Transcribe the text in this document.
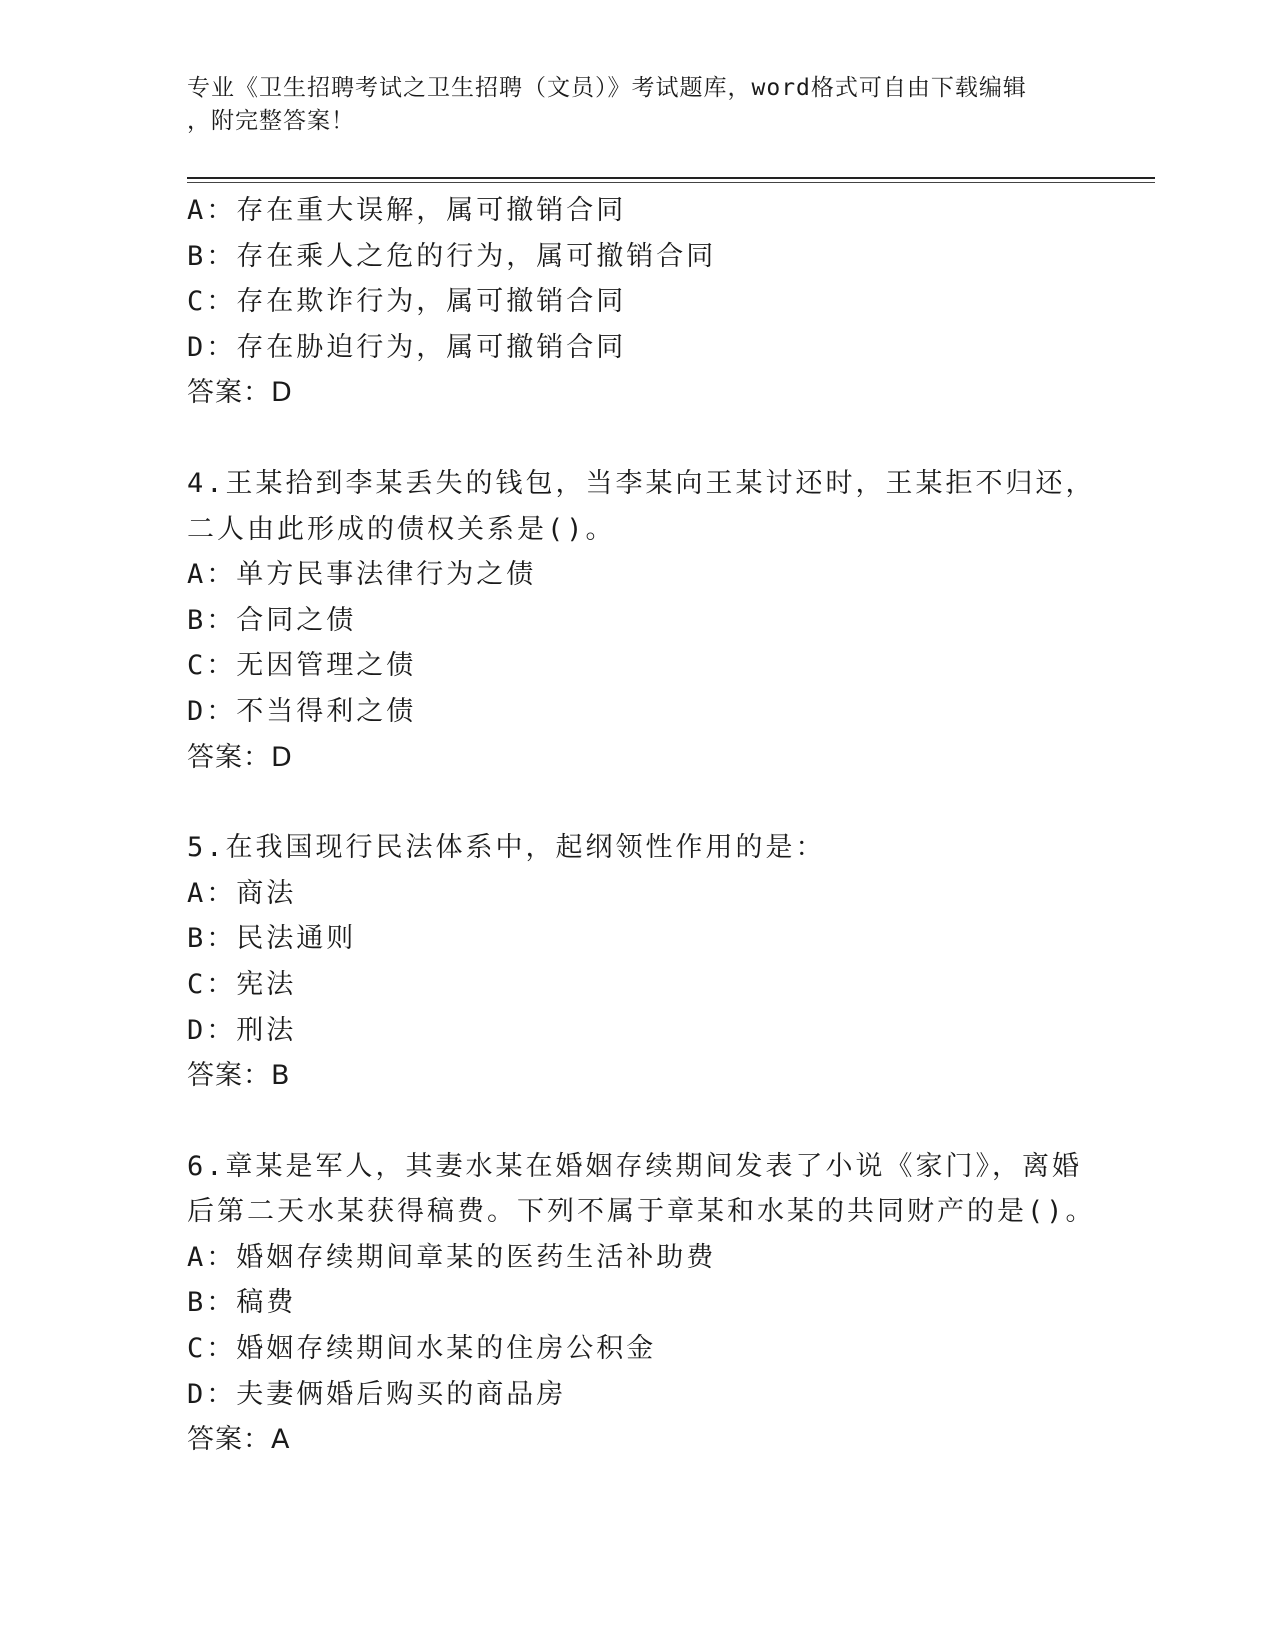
专业《卫生招聘考试之卫生招聘（文员）》考试题库，word格式可自由下载编辑
，附完整答案！
A：存在重大误解，属可撤销合同
B：存在乘人之危的行为，属可撤销合同
C：存在欺诈行为，属可撤销合同
D：存在胁迫行为，属可撤销合同
答案：D
4.王某拾到李某丢失的钱包，当李某向王某讨还时，王某拒不归还，
二人由此形成的债权关系是()。
A：单方民事法律行为之债
B：合同之债
C：无因管理之债
D：不当得利之债
答案：D
5.在我国现行民法体系中，起纲领性作用的是：
A：商法
B：民法通则
C：宪法
D：刑法
答案：B
6.章某是军人，其妻水某在婚姻存续期间发表了小说《家门》，离婚
后第二天水某获得稿费。下列不属于章某和水某的共同财产的是()。
A：婚姻存续期间章某的医药生活补助费
B：稿费
C：婚姻存续期间水某的住房公积金
D：夫妻俩婚后购买的商品房
答案：A
